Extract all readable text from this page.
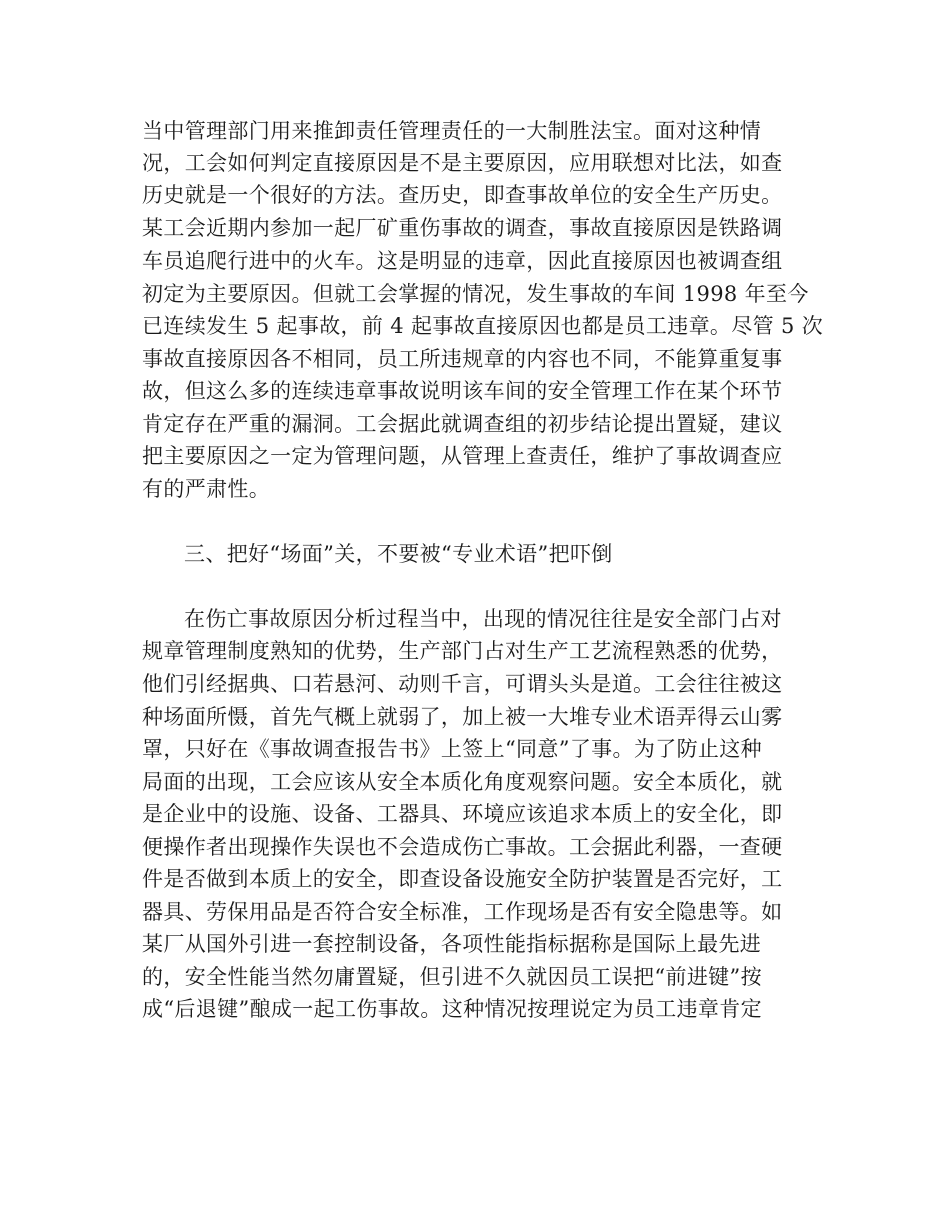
当中管理部门用来推卸责任管理责任的一大制胜法宝。面对这种情
况，工会如何判定直接原因是不是主要原因，应用联想对比法，如查
历史就是一个很好的方法。查历史，即查事故单位的安全生产历史。
某工会近期内参加一起厂矿重伤事故的调查，事故直接原因是铁路调
车员追爬行进中的火车。这是明显的违章，因此直接原因也被调查组
初定为主要原因。但就工会掌握的情况，发生事故的车间 1998 年至今
已连续发生 5 起事故，前 4 起事故直接原因也都是员工违章。尽管 5 次
事故直接原因各不相同，员工所违规章的内容也不同，不能算重复事
故，但这么多的连续违章事故说明该车间的安全管理工作在某个环节
肯定存在严重的漏洞。工会据此就调查组的初步结论提出置疑，建议
把主要原因之一定为管理问题，从管理上查责任，维护了事故调查应
有的严肃性。
三、把好“场面”关，不要被“专业术语”把吓倒
在伤亡事故原因分析过程当中，出现的情况往往是安全部门占对
规章管理制度熟知的优势，生产部门占对生产工艺流程熟悉的优势，
他们引经据典、口若悬河、动则千言，可谓头头是道。工会往往被这
种场面所慑，首先气概上就弱了，加上被一大堆专业术语弄得云山雾
罩，只好在《事故调查报告书》上签上“同意”了事。为了防止这种
局面的出现，工会应该从安全本质化角度观察问题。安全本质化，就
是企业中的设施、设备、工器具、环境应该追求本质上的安全化，即
便操作者出现操作失误也不会造成伤亡事故。工会据此利器，一查硬
件是否做到本质上的安全，即查设备设施安全防护装置是否完好，工
器具、劳保用品是否符合安全标准，工作现场是否有安全隐患等。如
某厂从国外引进一套控制设备，各项性能指标据称是国际上最先进
的，安全性能当然勿庸置疑，但引进不久就因员工误把“前进键”按
成“后退键”酿成一起工伤事故。这种情况按理说定为员工违章肯定
